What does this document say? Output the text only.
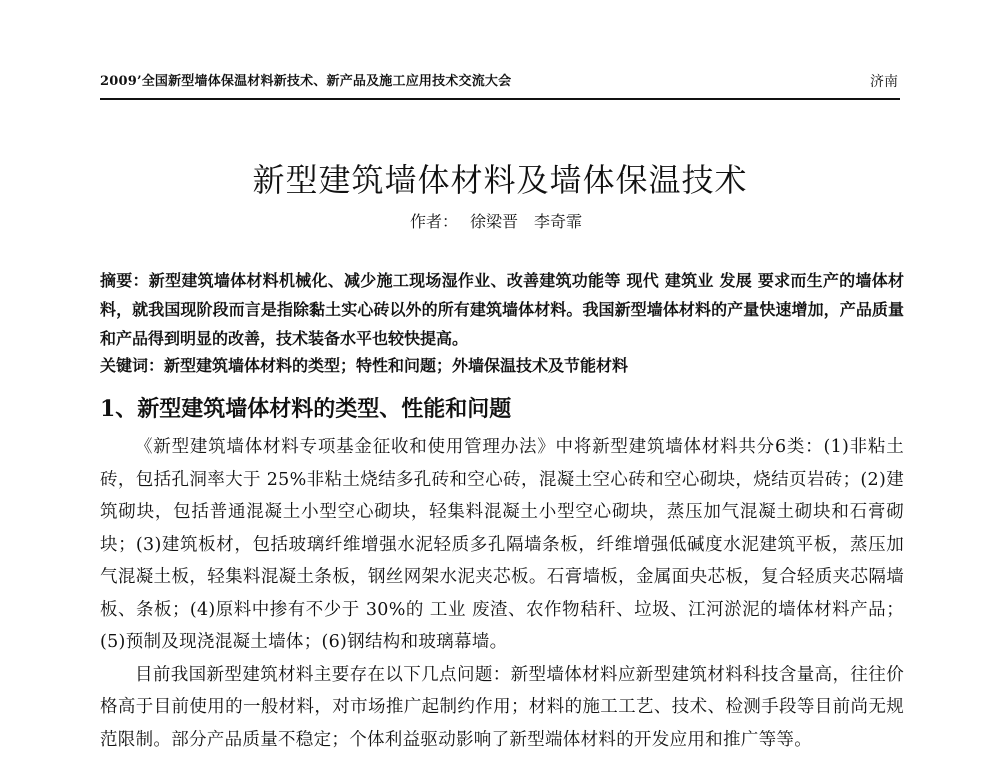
2009’全国新型墙体保温材料新技术、新产品及施工应用技术交流大会	济南
新型建筑墙体材料及墙体保温技术
作者： 徐梁晋 李奇霏
摘要：新型建筑墙体材料机械化、减少施工现场湿作业、改善建筑功能等 现代 建筑业 发展 要求而生产的墙体材料，就我国现阶段而言是指除黏土实心砖以外的所有建筑墙体材料。我国新型墙体材料的产量快速增加，产品质量和产品得到明显的改善，技术装备水平也较快提高。
关键词：新型建筑墙体材料的类型；特性和问题；外墙保温技术及节能材料
1、新型建筑墙体材料的类型、性能和问题

《新型建筑墙体材料专项基金征收和使用管理办法》中将新型建筑墙体材料共分6类：(1)非粘土砖，包括孔洞率大于 25%非粘土烧结多孔砖和空心砖，混凝土空心砖和空心砌块，烧结页岩砖；(2)建筑砌块，包括普通混凝土小型空心砌块，轻集料混凝土小型空心砌块，蒸压加气混凝土砌块和石膏砌块；(3)建筑板材，包括玻璃纤维增强水泥轻质多孔隔墙条板，纤维增强低碱度水泥建筑平板，蒸压加气混凝土板，轻集料混凝土条板，钢丝网架水泥夹芯板。石膏墙板，金属面央芯板，复合轻质夹芯隔墙板、条板；(4)原料中掺有不少于 30%的 工业 废渣、农作物秸秆、垃圾、江河淤泥的墙体材料产品；(5)预制及现浇混凝土墙体；(6)钢结构和玻璃幕墙。

目前我国新型建筑材料主要存在以下几点问题：新型墙体材料应新型建筑材料科技含量高，往往价格高于目前使用的一般材料，对市场推广起制约作用；材料的施工工艺、技术、检测手段等目前尚无规范限制。部分产品质量不稳定；个体利益驱动影响了新型端体材料的开发应用和推广等等。
